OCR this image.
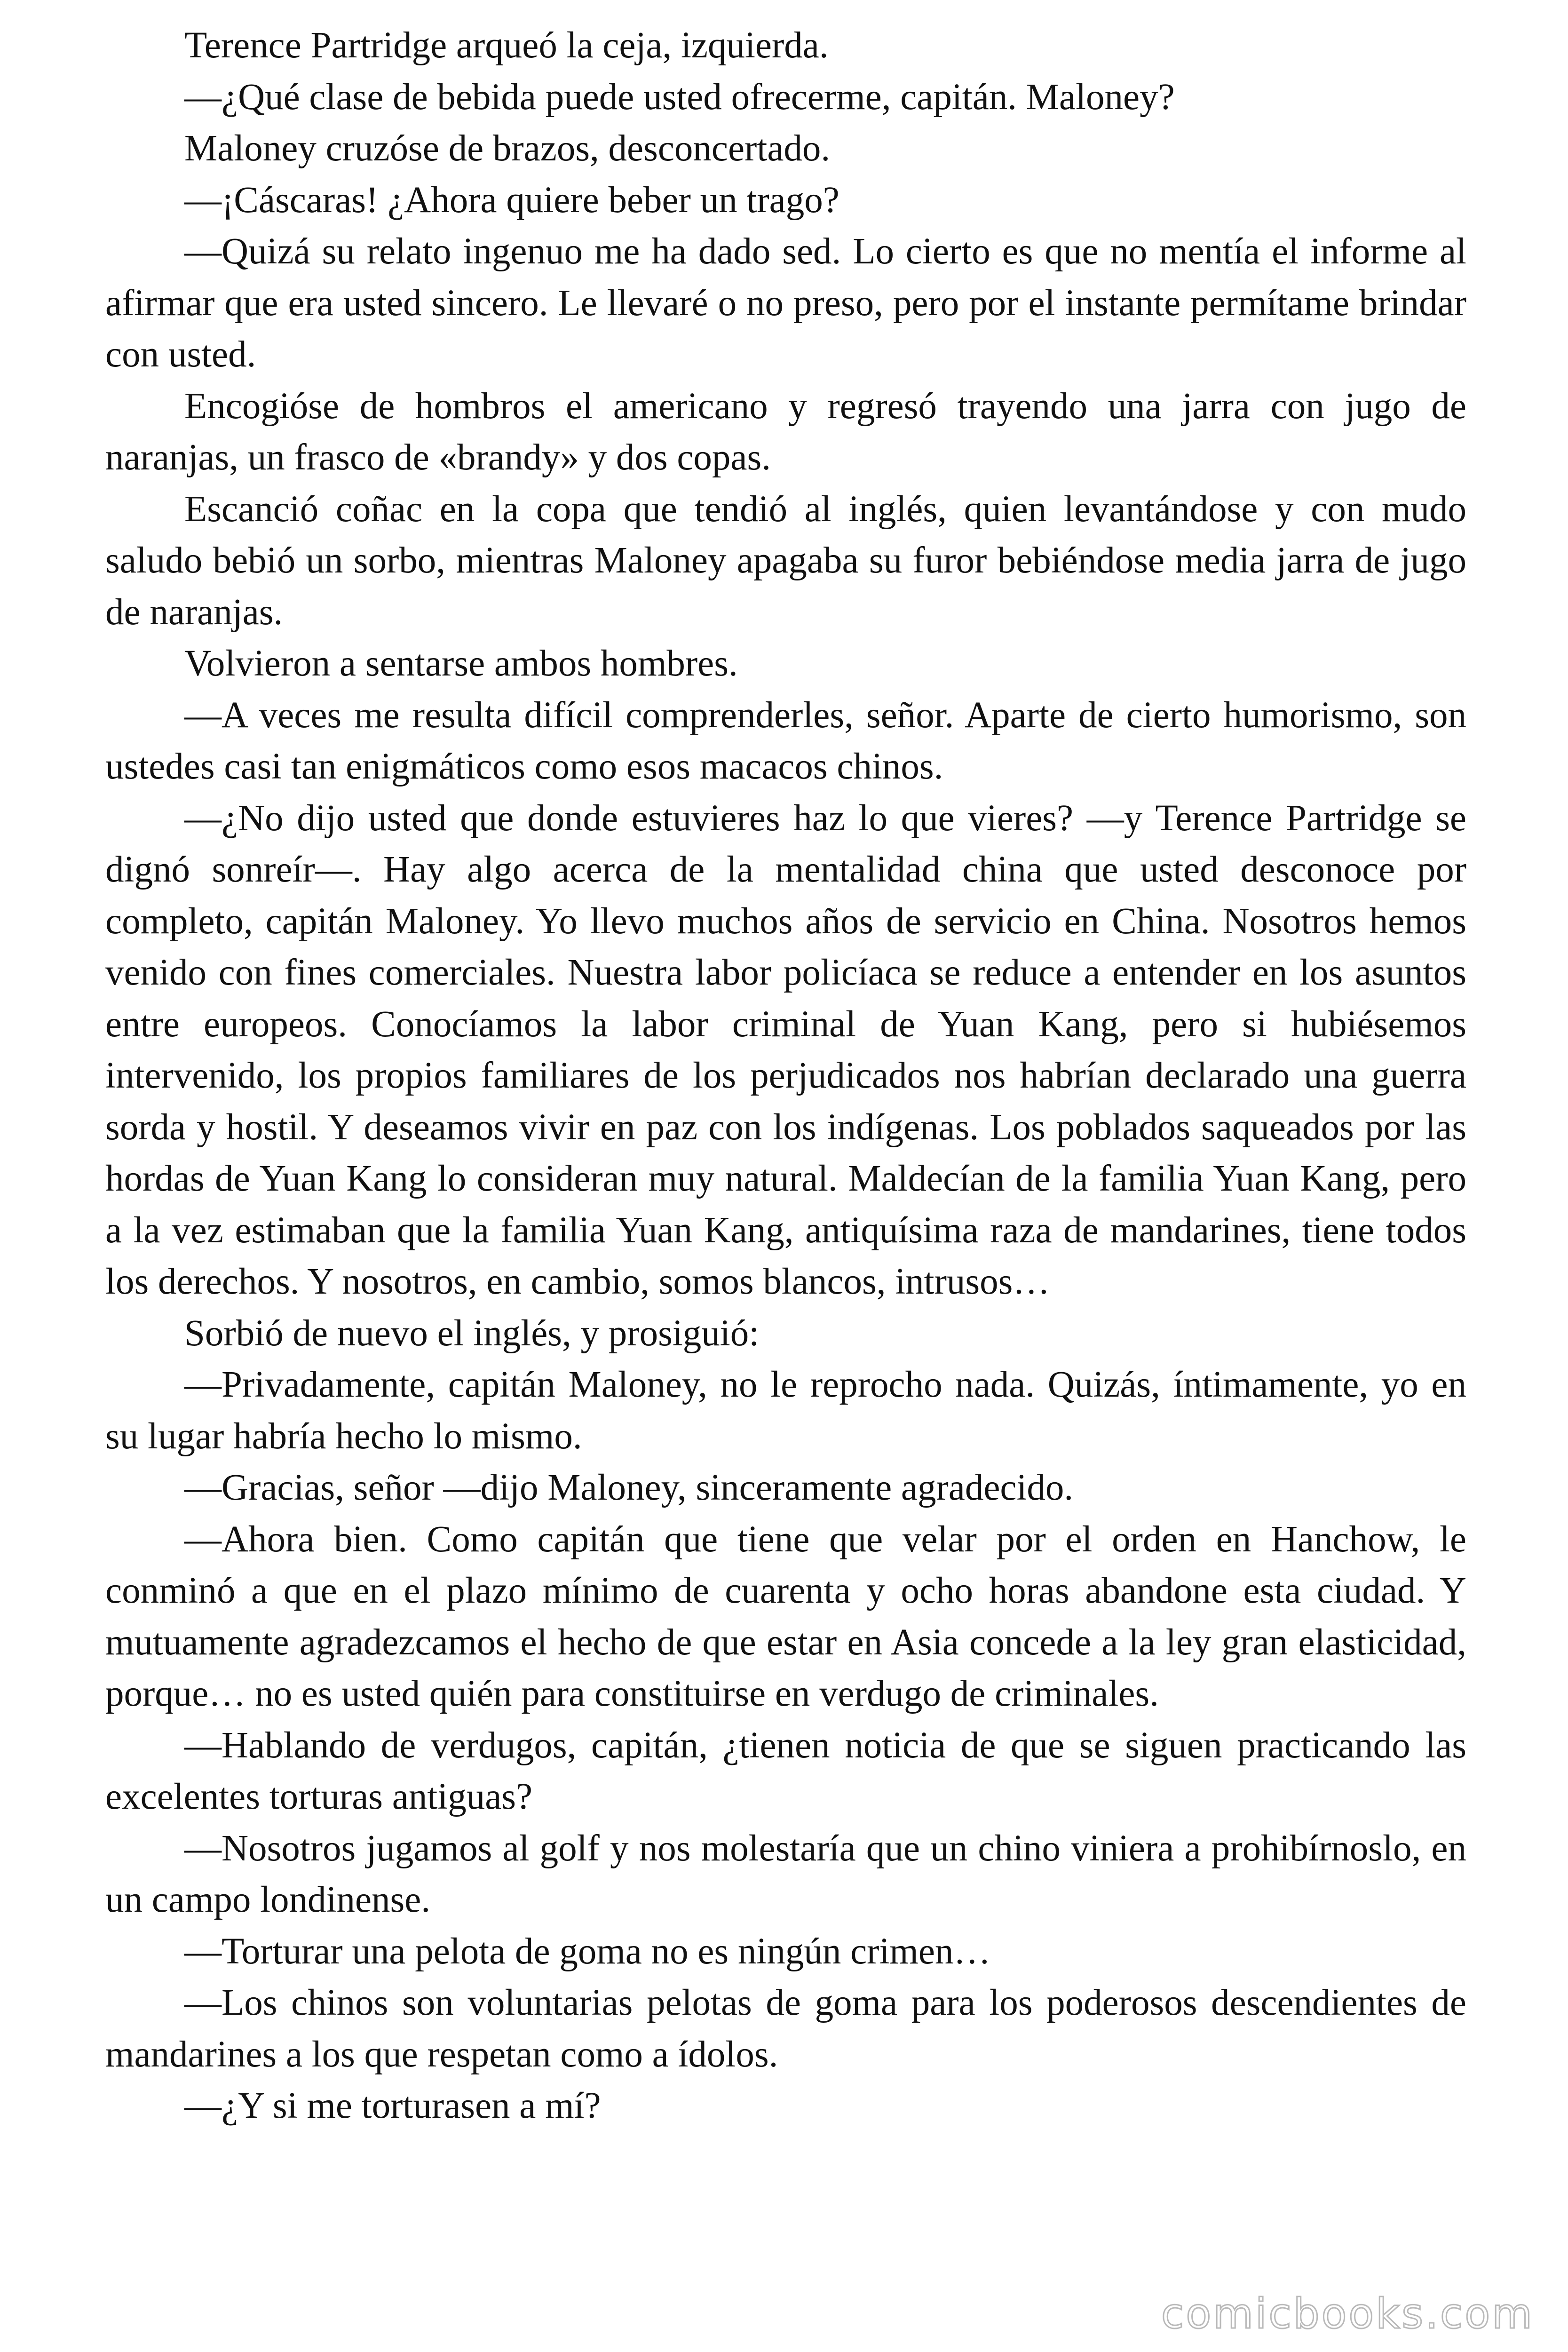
Terence Partridge arqueó la ceja, izquierda.

—¿Qué clase de bebida puede usted ofrecerme, capitán. Maloney?

Maloney cruzóse de brazos, desconcertado.

—¡Cáscaras! ¿Ahora quiere beber un trago?

—Quizá su relato ingenuo me ha dado sed. Lo cierto es que no mentía el informe al afirmar que era usted sincero. Le llevaré o no preso, pero por el instante permítame brindar con usted.

Encogióse de hombros el americano y regresó trayendo una jarra con jugo de naranjas, un frasco de «brandy» y dos copas.

Escanció coñac en la copa que tendió al inglés, quien levantándose y con mudo saludo bebió un sorbo, mientras Maloney apagaba su furor bebiéndose media jarra de jugo de naranjas.

Volvieron a sentarse ambos hombres.

—A veces me resulta difícil comprenderles, señor. Aparte de cierto humorismo, son ustedes casi tan enigmáticos como esos macacos chinos.

—¿No dijo usted que donde estuvieres haz lo que vieres? —y Terence Partridge se dignó sonreír—. Hay algo acerca de la mentalidad china que usted desconoce por completo, capitán Maloney. Yo llevo muchos años de servicio en China. Nosotros hemos venido con fines comerciales. Nuestra labor policíaca se reduce a entender en los asuntos entre europeos. Conocíamos la labor criminal de Yuan Kang, pero si hubiésemos intervenido, los propios familiares de los perjudicados nos habrían declarado una guerra sorda y hostil. Y deseamos vivir en paz con los indígenas. Los poblados saqueados por las hordas de Yuan Kang lo consideran muy natural. Maldecían de la familia Yuan Kang, pero a la vez estimaban que la familia Yuan Kang, antiquísima raza de mandarines, tiene todos los derechos. Y nosotros, en cambio, somos blancos, intrusos…

Sorbió de nuevo el inglés, y prosiguió:

—Privadamente, capitán Maloney, no le reprocho nada. Quizás, íntimamente, yo en su lugar habría hecho lo mismo.

—Gracias, señor —dijo Maloney, sinceramente agradecido.

—Ahora bien. Como capitán que tiene que velar por el orden en Hanchow, le conminó a que en el plazo mínimo de cuarenta y ocho horas abandone esta ciudad. Y mutuamente agradezcamos el hecho de que estar en Asia concede a la ley gran elasticidad, porque… no es usted quién para constituirse en verdugo de criminales.

—Hablando de verdugos, capitán, ¿tienen noticia de que se siguen practicando las excelentes torturas antiguas?

—Nosotros jugamos al golf y nos molestaría que un chino viniera a prohibírnoslo, en un campo londinense.

—Torturar una pelota de goma no es ningún crimen…

—Los chinos son voluntarias pelotas de goma para los poderosos descendientes de mandarines a los que respetan como a ídolos.

—¿Y si me torturasen a mí?

comicbooks.com
